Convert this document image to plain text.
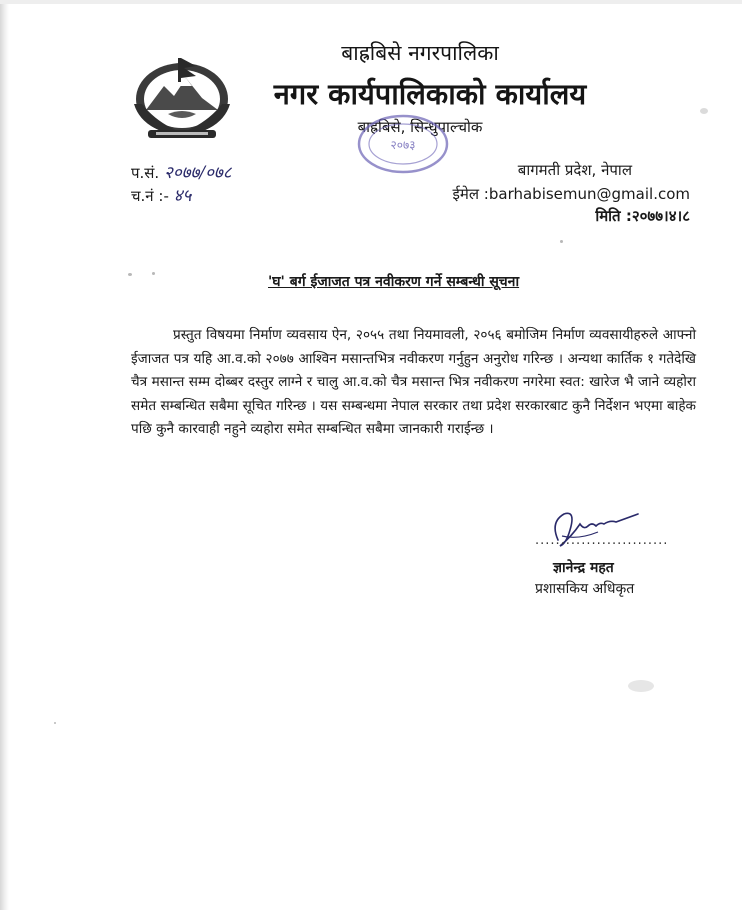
बाह्रबिसे नगरपालिका
नगर कार्यपालिकाको कार्यालय
बाह्रबिसे, सिन्धुपाल्चोक
२०७३
प.सं. २०७७/०७८
च.नं :- ४५
बागमती प्रदेश, नेपाल
ईमेल :barhabisemun@gmail.com
मिति :२०७७।४।८
'घ' बर्ग ईजाजत पत्र नवीकरण गर्ने सम्बन्धी सूचना
प्रस्तुत विषयमा निर्माण व्यवसाय ऐन, २०५५ तथा नियमावली, २०५६ बमोजिम निर्माण व्यवसायीहरुले आफ्नो ईजाजत पत्र यहि आ.व.को २०७७ आश्विन मसान्तभित्र नवीकरण गर्नुहुन अनुरोध गरिन्छ । अन्यथा कार्तिक १ गतेदेखि चैत्र मसान्त सम्म दोब्बर दस्तुर लाग्ने र चालु आ.व.को चैत्र मसान्त भित्र नवीकरण नगरेमा स्वत: खारेज भै जाने व्यहोरा समेत सम्बन्धित सबैमा सूचित गरिन्छ । यस सम्बन्धमा नेपाल सरकार तथा प्रदेश सरकारबाट कुनै निर्देशन भएमा बाहेक पछि कुनै कारवाही नहुने व्यहोरा समेत सम्बन्धित सबैमा जानकारी गराईन्छ ।
..........................
ज्ञानेन्द्र महत
प्रशासकिय अधिकृत
